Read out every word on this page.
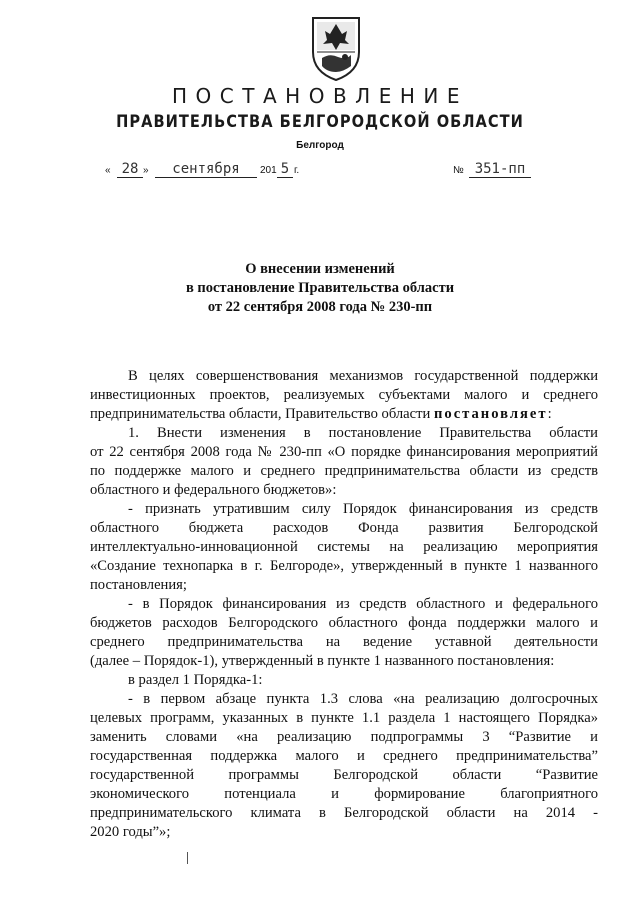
ПОСТАНОВЛЕНИЕ
ПРАВИТЕЛЬСТВА БЕЛГОРОДСКОЙ ОБЛАСТИ
Белгород
« 28 »	сентября	201 5 г.	№ 351-пп
О внесении изменений
в постановление Правительства области
от 22 сентября 2008 года № 230-пп
В целях совершенствования механизмов государственной поддержки
инвестиционных проектов, реализуемых субъектами малого и среднего
предпринимательства области, Правительство области постановляет:
1. Внести изменения в постановление Правительства области
от 22 сентября 2008 года № 230-пп «О порядке финансирования мероприятий
по поддержке малого и среднего предпринимательства области из средств
областного и федерального бюджетов»:
- признать утратившим силу Порядок финансирования из средств
областного бюджета расходов Фонда развития Белгородской
интеллектуально-инновационной системы на реализацию мероприятия
«Создание технопарка в г. Белгороде», утвержденный в пункте 1 названного
постановления;
- в Порядок финансирования из средств областного и федерального
бюджетов расходов Белгородского областного фонда поддержки малого и
среднего предпринимательства на ведение уставной деятельности
(далее – Порядок-1), утвержденный в пункте 1 названного постановления:
в раздел 1 Порядка-1:
- в первом абзаце пункта 1.3 слова «на реализацию долгосрочных
целевых программ, указанных в пункте 1.1 раздела 1 настоящего Порядка»
заменить словами «на реализацию подпрограммы 3 “Развитие и
государственная поддержка малого и среднего предпринимательства”
государственной программы Белгородской области “Развитие
экономического потенциала и формирование благоприятного
предпринимательского климата в Белгородской области на 2014 -
2020 годы”»;
